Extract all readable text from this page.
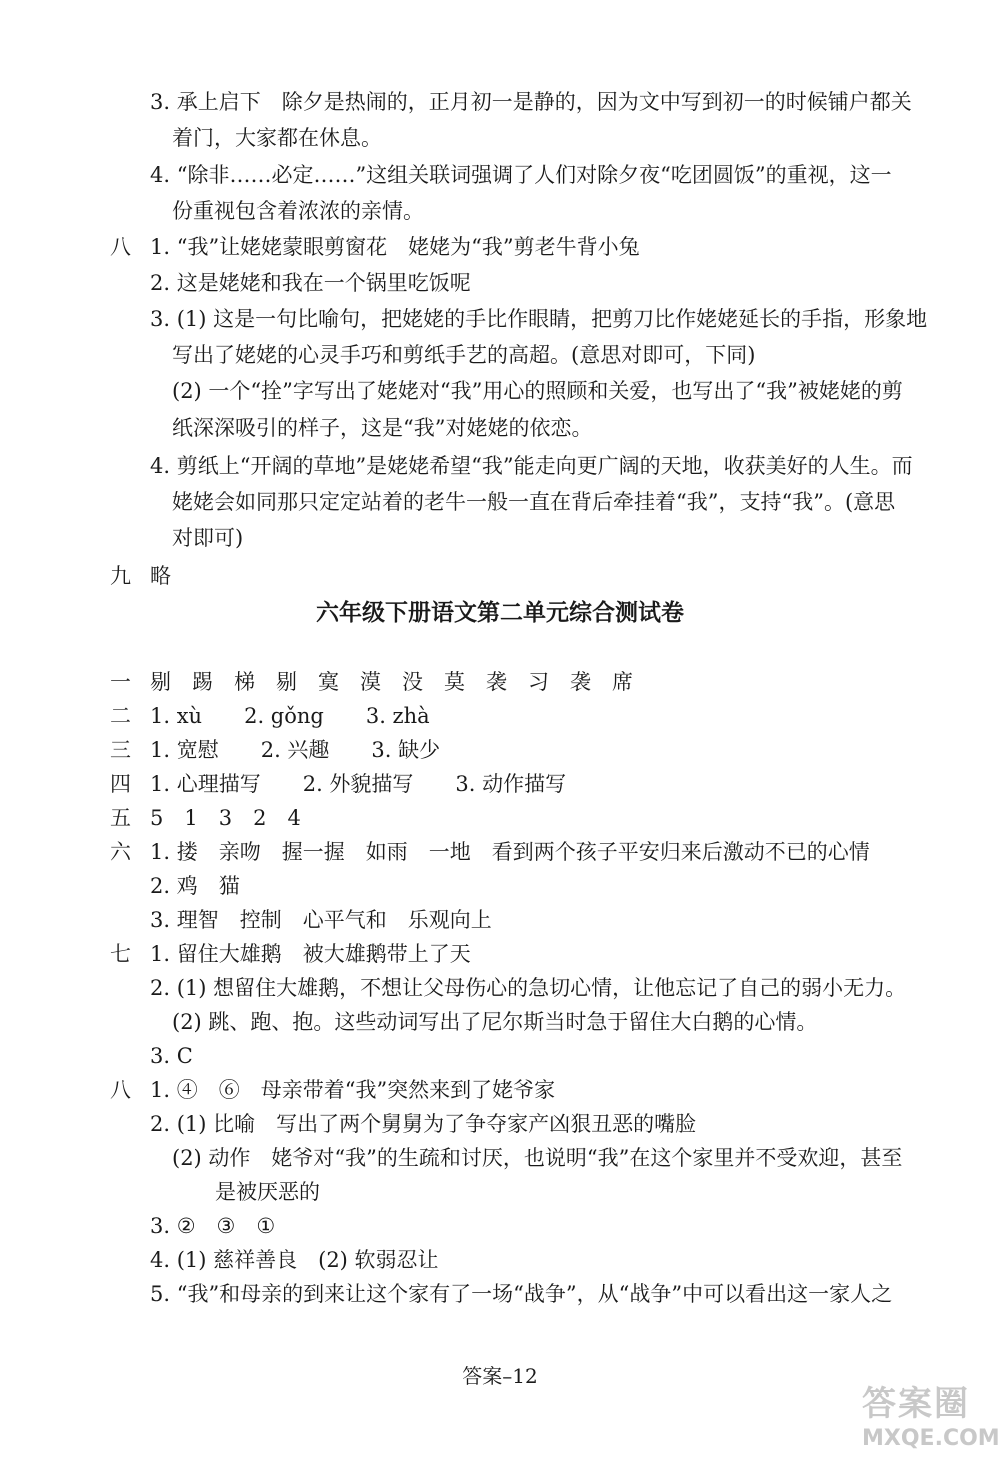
3. 承上启下　除夕是热闹的，正月初一是静的，因为文中写到初一的时候铺户都关
着门，大家都在休息。
4. “除非……必定……”这组关联词强调了人们对除夕夜“吃团圆饭”的重视，这一
份重视包含着浓浓的亲情。
八 1. “我”让姥姥蒙眼剪窗花　姥姥为“我”剪老牛背小兔
2. 这是姥姥和我在一个锅里吃饭呢
3. (1) 这是一句比喻句，把姥姥的手比作眼睛，把剪刀比作姥姥延长的手指，形象地
写出了姥姥的心灵手巧和剪纸手艺的高超。(意思对即可，下同)
(2) 一个“拴”字写出了姥姥对“我”用心的照顾和关爱，也写出了“我”被姥姥的剪
纸深深吸引的样子，这是“我”对姥姥的依恋。
4. 剪纸上“开阔的草地”是姥姥希望“我”能走向更广阔的天地，收获美好的人生。而
姥姥会如同那只定定站着的老牛一般一直在背后牵挂着“我”，支持“我”。(意思
对即可)
九 略
六年级下册语文第二单元综合测试卷
一 剔　踢　梯　剔　寞　漠　没　莫　袭　习　袭　席
二 1. xù　　2. gǒng　　3. zhà
三 1. 宽慰　　2. 兴趣　　3. 缺少
四 1. 心理描写　　2. 外貌描写　　3. 动作描写
五 5　1　3　2　4
六 1. 搂　亲吻　握一握　如雨　一地　看到两个孩子平安归来后激动不已的心情
2. 鸡　猫
3. 理智　控制　心平气和　乐观向上
七 1. 留住大雄鹅　被大雄鹅带上了天
2. (1) 想留住大雄鹅，不想让父母伤心的急切心情，让他忘记了自己的弱小无力。
(2) 跳、跑、抱。这些动词写出了尼尔斯当时急于留住大白鹅的心情。
3. C
八 1. ④　⑥　母亲带着“我”突然来到了姥爷家
2. (1) 比喻　写出了两个舅舅为了争夺家产凶狠丑恶的嘴脸
(2) 动作　姥爷对“我”的生疏和讨厌，也说明“我”在这个家里并不受欢迎，甚至
是被厌恶的
3. ②　③　①
4. (1) 慈祥善良　(2) 软弱忍让
5. “我”和母亲的到来让这个家有了一场“战争”，从“战争”中可以看出这一家人之
答案–12
答案圈
MXQE.COM
